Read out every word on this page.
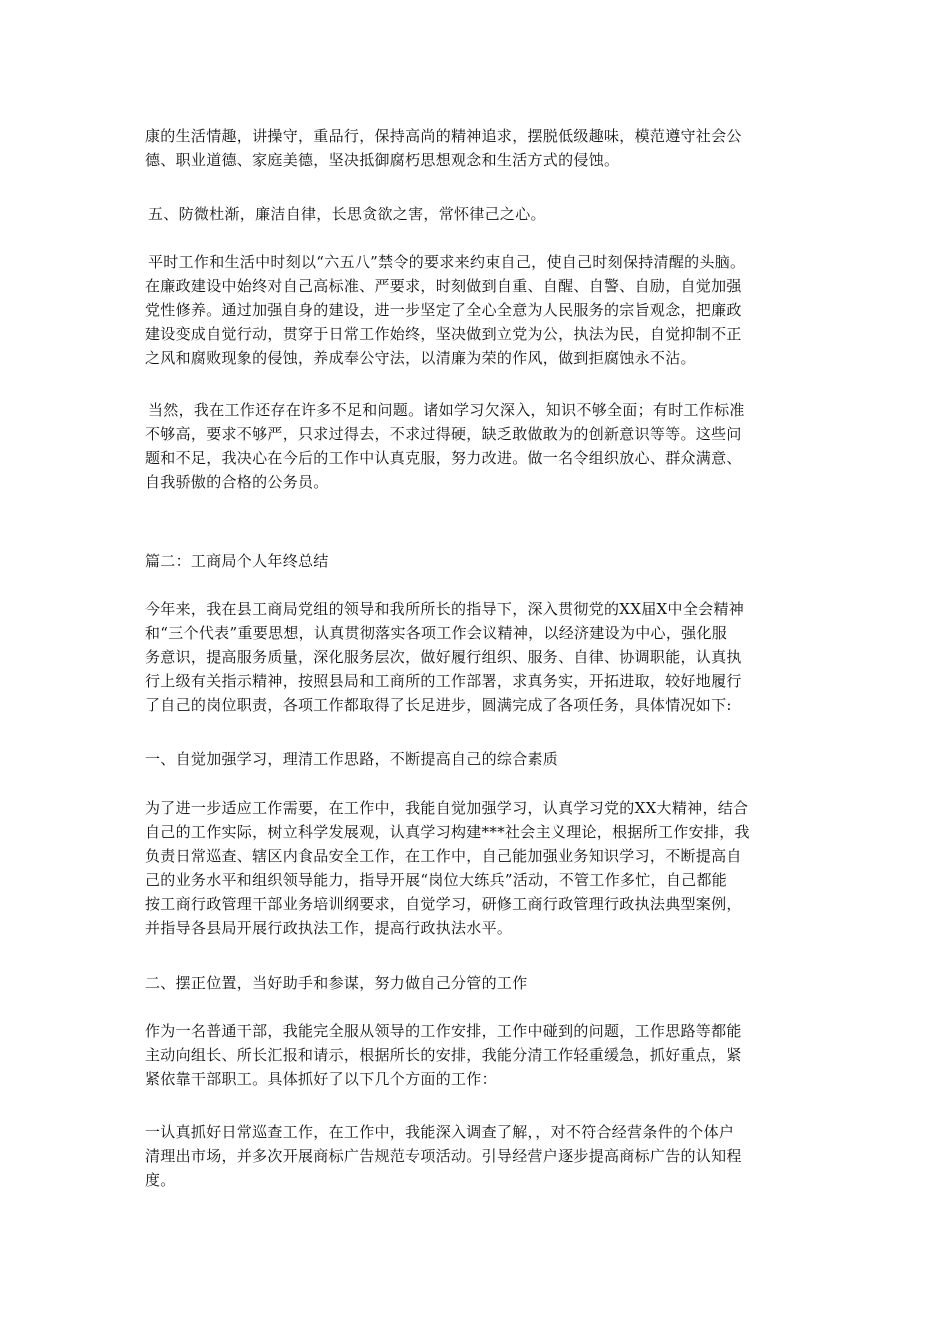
康的生活情趣，讲操守，重品行，保持高尚的精神追求，摆脱低级趣味，模范遵守社会公
德、职业道德、家庭美德，坚决抵御腐朽思想观念和生活方式的侵蚀。
五、防微杜渐，廉洁自律，长思贪欲之害，常怀律己之心。
平时工作和生活中时刻以“六五八”禁令的要求来约束自己，使自己时刻保持清醒的头脑。
在廉政建设中始终对自己高标准、严要求，时刻做到自重、自醒、自警、自励，自觉加强
党性修养。通过加强自身的建设，进一步坚定了全心全意为人民服务的宗旨观念，把廉政
建设变成自觉行动，贯穿于日常工作始终，坚决做到立党为公，执法为民，自觉抑制不正
之风和腐败现象的侵蚀，养成奉公守法，以清廉为荣的作风，做到拒腐蚀永不沾。
当然，我在工作还存在许多不足和问题。诸如学习欠深入，知识不够全面；有时工作标准
不够高，要求不够严，只求过得去，不求过得硬，缺乏敢做敢为的创新意识等等。这些问
题和不足，我决心在今后的工作中认真克服，努力改进。做一名令组织放心、群众满意、
自我骄傲的合格的公务员。
篇二：工商局个人年终总结
今年来，我在县工商局党组的领导和我所所长的指导下，深入贯彻党的XX届X中全会精神
和“三个代表”重要思想，认真贯彻落实各项工作会议精神，以经济建设为中心，强化服
务意识，提高服务质量，深化服务层次，做好履行组织、服务、自律、协调职能，认真执
行上级有关指示精神，按照县局和工商所的工作部署，求真务实，开拓进取，较好地履行
了自己的岗位职责，各项工作都取得了长足进步，圆满完成了各项任务，具体情况如下:
一、自觉加强学习，理清工作思路，不断提高自己的综合素质
为了进一步适应工作需要，在工作中，我能自觉加强学习，认真学习党的XX大精神，结合
自己的工作实际，树立科学发展观，认真学习构建***社会主义理论，根据所工作安排，我
负责日常巡查、辖区内食品安全工作，在工作中，自己能加强业务知识学习，不断提高自
己的业务水平和组织领导能力，指导开展“岗位大练兵”活动，不管工作多忙，自己都能
按工商行政管理干部业务培训纲要求，自觉学习，研修工商行政管理行政执法典型案例，
并指导各县局开展行政执法工作，提高行政执法水平。
二、摆正位置，当好助手和参谋，努力做自己分管的工作
作为一名普通干部，我能完全服从领导的工作安排，工作中碰到的问题，工作思路等都能
主动向组长、所长汇报和请示，根据所长的安排，我能分清工作轻重缓急，抓好重点，紧
紧依靠干部职工。具体抓好了以下几个方面的工作：
一认真抓好日常巡查工作，在工作中，我能深入调查了解，，对不符合经营条件的个体户
清理出市场，并多次开展商标广告规范专项活动。引导经营户逐步提高商标广告的认知程
度。
